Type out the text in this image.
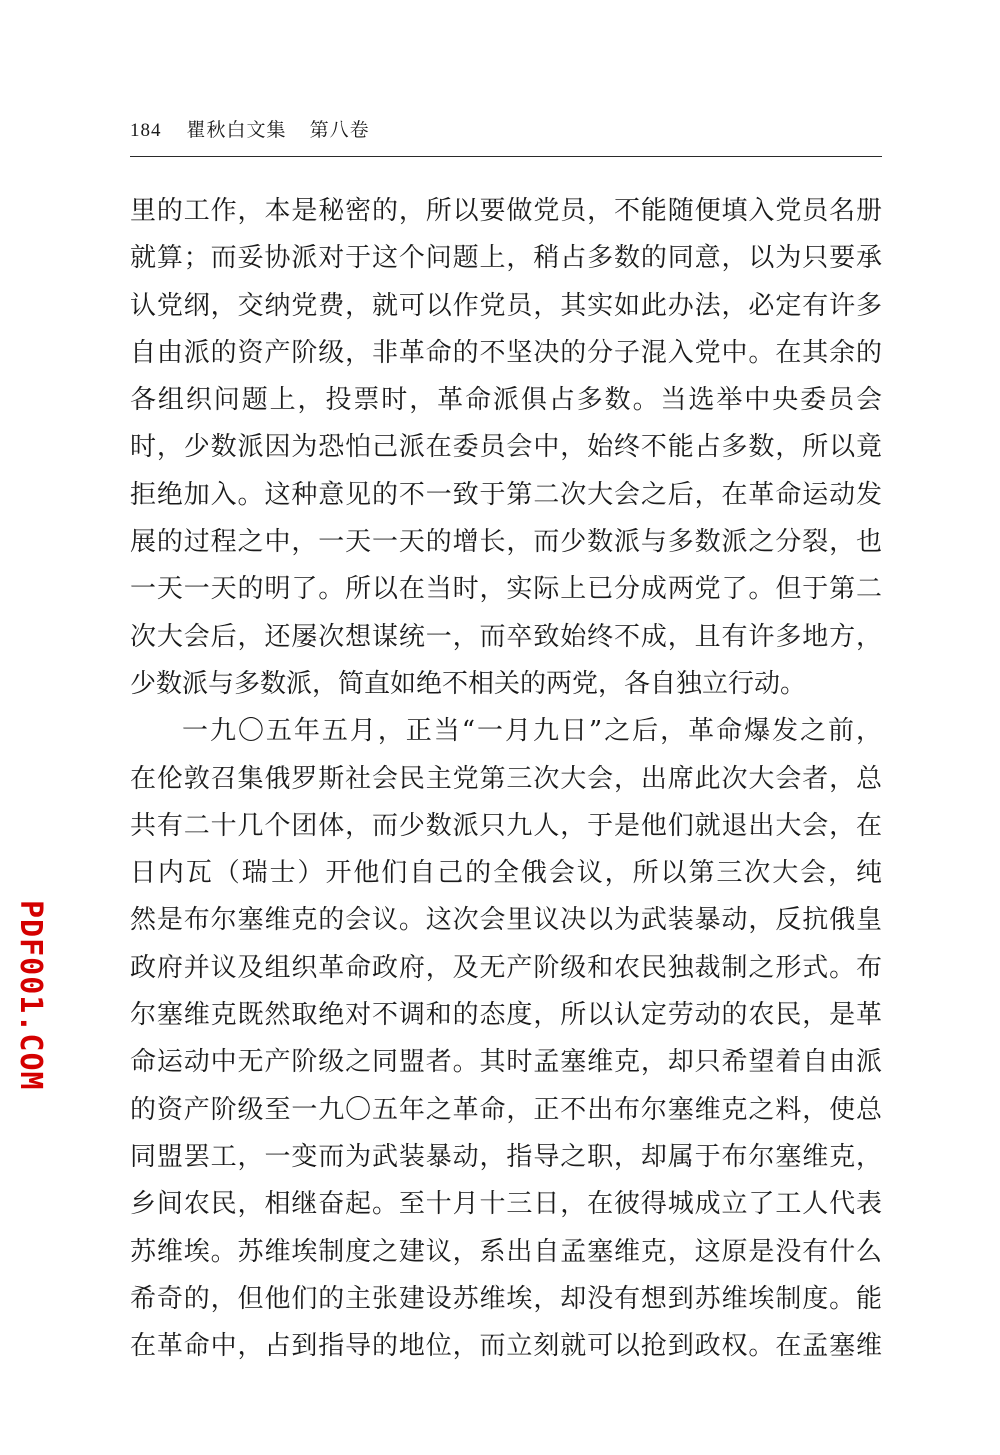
184 瞿秋白文集 第八卷
里的工作，本是秘密的，所以要做党员，不能随便填入党员名册
就算；而妥协派对于这个问题上，稍占多数的同意，以为只要承
认党纲，交纳党费，就可以作党员，其实如此办法，必定有许多
自由派的资产阶级，非革命的不坚决的分子混入党中。在其余的
各组织问题上，投票时，革命派俱占多数。当选举中央委员会
时，少数派因为恐怕己派在委员会中，始终不能占多数，所以竟
拒绝加入。这种意见的不一致于第二次大会之后，在革命运动发
展的过程之中，一天一天的增长，而少数派与多数派之分裂，也
一天一天的明了。所以在当时，实际上已分成两党了。但于第二
次大会后，还屡次想谋统一，而卒致始终不成，且有许多地方，
少数派与多数派，简直如绝不相关的两党，各自独立行动。
一九〇五年五月，正当“一月九日”之后，革命爆发之前，
在伦敦召集俄罗斯社会民主党第三次大会，出席此次大会者，总
共有二十几个团体，而少数派只九人，于是他们就退出大会，在
日内瓦（瑞士）开他们自己的全俄会议，所以第三次大会，纯
然是布尔塞维克的会议。这次会里议决以为武装暴动，反抗俄皇
政府并议及组织革命政府，及无产阶级和农民独裁制之形式。布
尔塞维克既然取绝对不调和的态度，所以认定劳动的农民，是革
命运动中无产阶级之同盟者。其时孟塞维克，却只希望着自由派
的资产阶级至一九〇五年之革命，正不出布尔塞维克之料，使总
同盟罢工，一变而为武装暴动，指导之职，却属于布尔塞维克，
乡间农民，相继奋起。至十月十三日，在彼得城成立了工人代表
苏维埃。苏维埃制度之建议，系出自孟塞维克，这原是没有什么
希奇的，但他们的主张建设苏维埃，却没有想到苏维埃制度。能
在革命中，占到指导的地位，而立刻就可以抢到政权。在孟塞维
PDF001.COM
